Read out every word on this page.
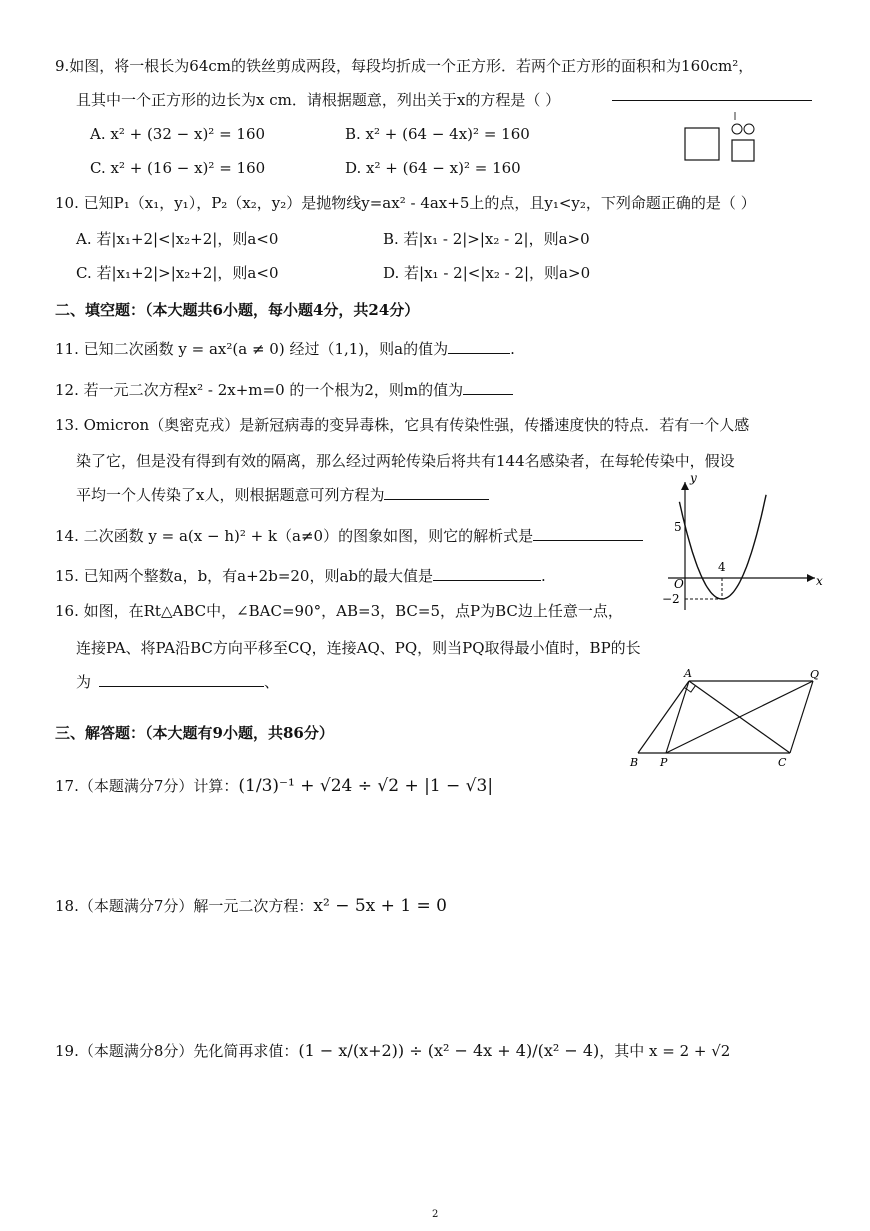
9.如图，将一根长为64cm的铁丝剪成两段，每段均折成一个正方形．若两个正方形的面积和为160cm²，
且其中一个正方形的边长为x cm．请根据题意，列出关于x的方程是（ ）
A. x² + (32 − x)² = 160	B. x² + (64 − 4x)² = 160
C. x² + (16 − x)² = 160	D. x² + (64 − x)² = 160
10. 已知P₁（x₁，y₁），P₂（x₂，y₂）是抛物线y=ax² - 4ax+5上的点，且y₁<y₂，下列命题正确的是（ ）
A. 若|x₁+2|<|x₂+2|，则a<0	B. 若|x₁ - 2|>|x₂ - 2|，则a>0
C. 若|x₁+2|>|x₂+2|，则a<0	D. 若|x₁ - 2|<|x₂ - 2|，则a>0
二、填空题：（本大题共6小题，每小题4分，共24分）
11. 已知二次函数 y = ax²(a ≠ 0) 经过（1,1)，则a的值为	.
12. 若一元二次方程x² - 2x+m=0 的一个根为2，则m的值为
13. Omicron（奥密克戎）是新冠病毒的变异毒株，它具有传染性强，传播速度快的特点．若有一个人感
染了它，但是没有得到有效的隔离，那么经过两轮传染后将共有144名感染者，在每轮传染中，假设
平均一个人传染了x人，则根据题意可列方程为
14. 二次函数 y = a(x − h)² + k（a≠0）的图象如图，则它的解析式是
15. 已知两个整数a，b，有a+2b=20，则ab的最大值是	.
y
x
O
5
4
−2
16. 如图，在Rt△ABC中，∠BAC=90°，AB=3，BC=5，点P为BC边上任意一点，
连接PA、将PA沿BC方向平移至CQ，连接AQ、PQ，则当PQ取得最小值时，BP的长
为	、	A	Q
B P	C
三、解答题：（本大题有9小题，共86分）
17.（本题满分7分）计算：(1/3)⁻¹ + √24 ÷ √2 + |1 − √3|
18.（本题满分7分）解一元二次方程：x² − 5x + 1 = 0
19.（本题满分8分）先化简再求值：(1 − x/(x+2)) ÷ (x² − 4x + 4)/(x² − 4)，其中 x = 2 + √2
2
